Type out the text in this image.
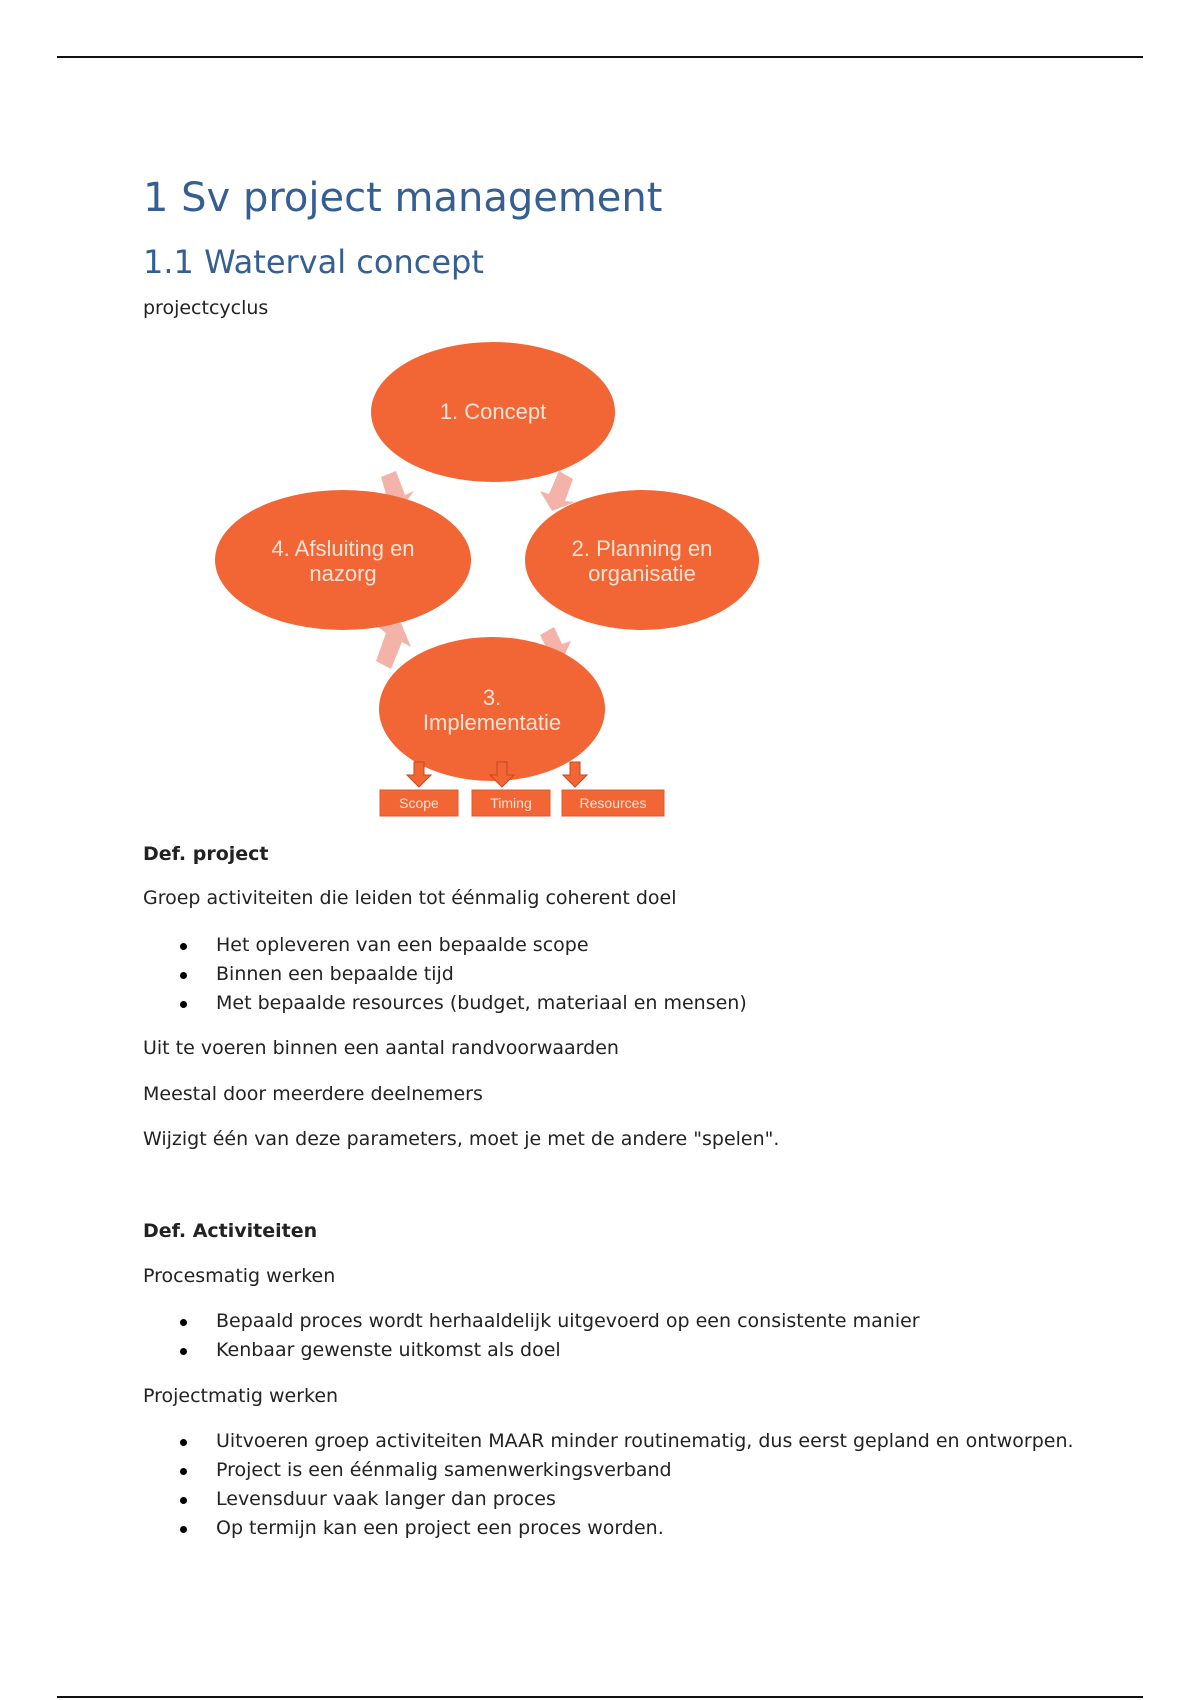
1 Sv project management
1.1 Waterval concept

projectcyclus

1. Concept
2. Planning en
organisatie
3.
Implementatie
4. Afsluiting en
nazorg
Scope	Timing	Resources

Def. project

Groep activiteiten die leiden tot éénmalig coherent doel

Het opleveren van een bepaalde scope
Binnen een bepaalde tijd
Met bepaalde resources (budget, materiaal en mensen)

Uit te voeren binnen een aantal randvoorwaarden

Meestal door meerdere deelnemers

Wijzigt één van deze parameters, moet je met de andere "spelen".

Def. Activiteiten

Procesmatig werken

Bepaald proces wordt herhaaldelijk uitgevoerd op een consistente manier
Kenbaar gewenste uitkomst als doel

Projectmatig werken

Uitvoeren groep activiteiten MAAR minder routinematig, dus eerst gepland en ontworpen.
Project is een éénmalig samenwerkingsverband
Levensduur vaak langer dan proces
Op termijn kan een project een proces worden.
